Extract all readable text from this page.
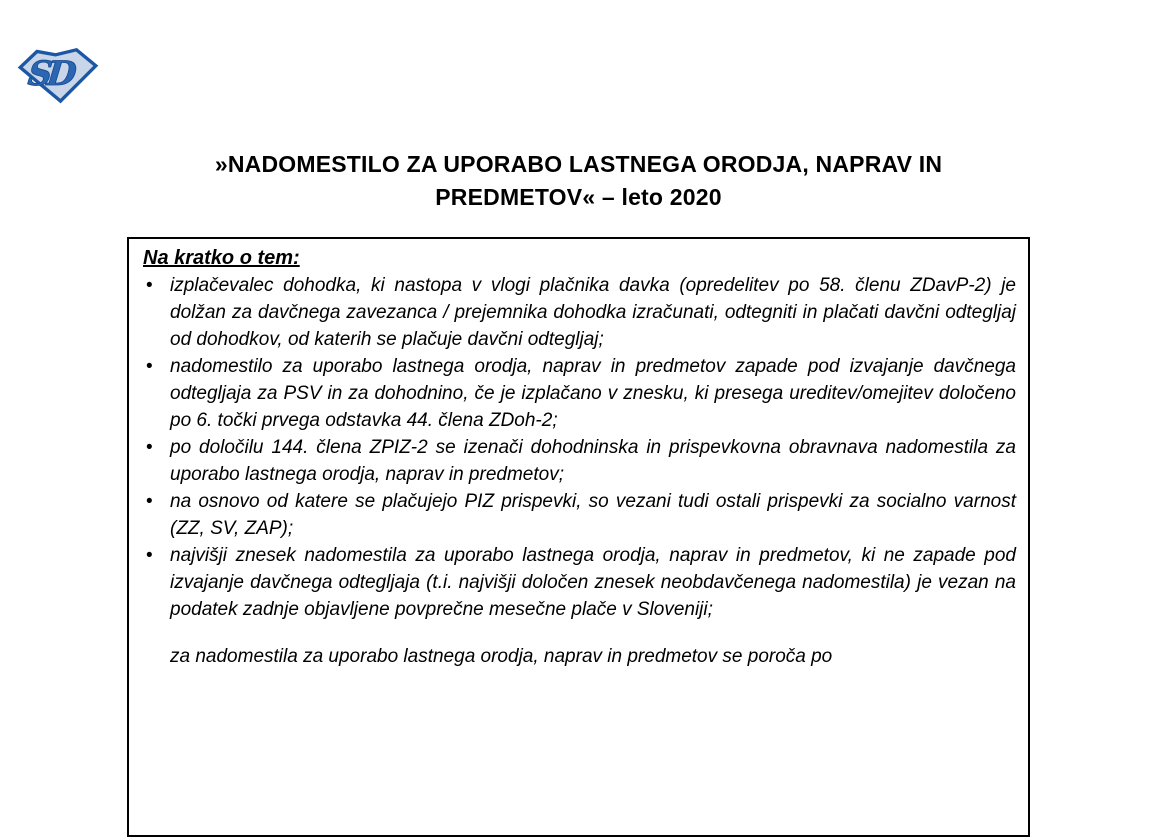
SD
»NADOMESTILO ZA UPORABO LASTNEGA ORODJA, NAPRAV IN
PREDMETOV« – leto 2020
Na kratko o tem:
• izplačevalec dohodka, ki nastopa v vlogi plačnika davka (opredelitev po 58. členu ZDavP-2) je dolžan za davčnega zavezanca / prejemnika dohodka izračunati, odtegniti in plačati davčni odtegljaj od dohodkov, od katerih se plačuje davčni odtegljaj;
• nadomestilo za uporabo lastnega orodja, naprav in predmetov zapade pod izvajanje davčnega odtegljaja za PSV in za dohodnino, če je izplačano v znesku, ki presega ureditev/omejitev določeno po 6. točki prvega odstavka 44. člena ZDoh-2;
• po določilu 144. člena ZPIZ-2 se izenači dohodninska in prispevkovna obravnava nadomestila za uporabo lastnega orodja, naprav in predmetov;
• na osnovo od katere se plačujejo PIZ prispevki, so vezani tudi ostali prispevki za socialno varnost (ZZ, SV, ZAP);
• najvišji znesek nadomestila za uporabo lastnega orodja, naprav in predmetov, ki ne zapade pod izvajanje davčnega odtegljaja (t.i. najvišji določen znesek neobdavčenega nadomestila) je vezan na podatek zadnje objavljene povprečne mesečne plače v Sloveniji;

za nadomestila za uporabo lastnega orodja, naprav in predmetov se poroča po
